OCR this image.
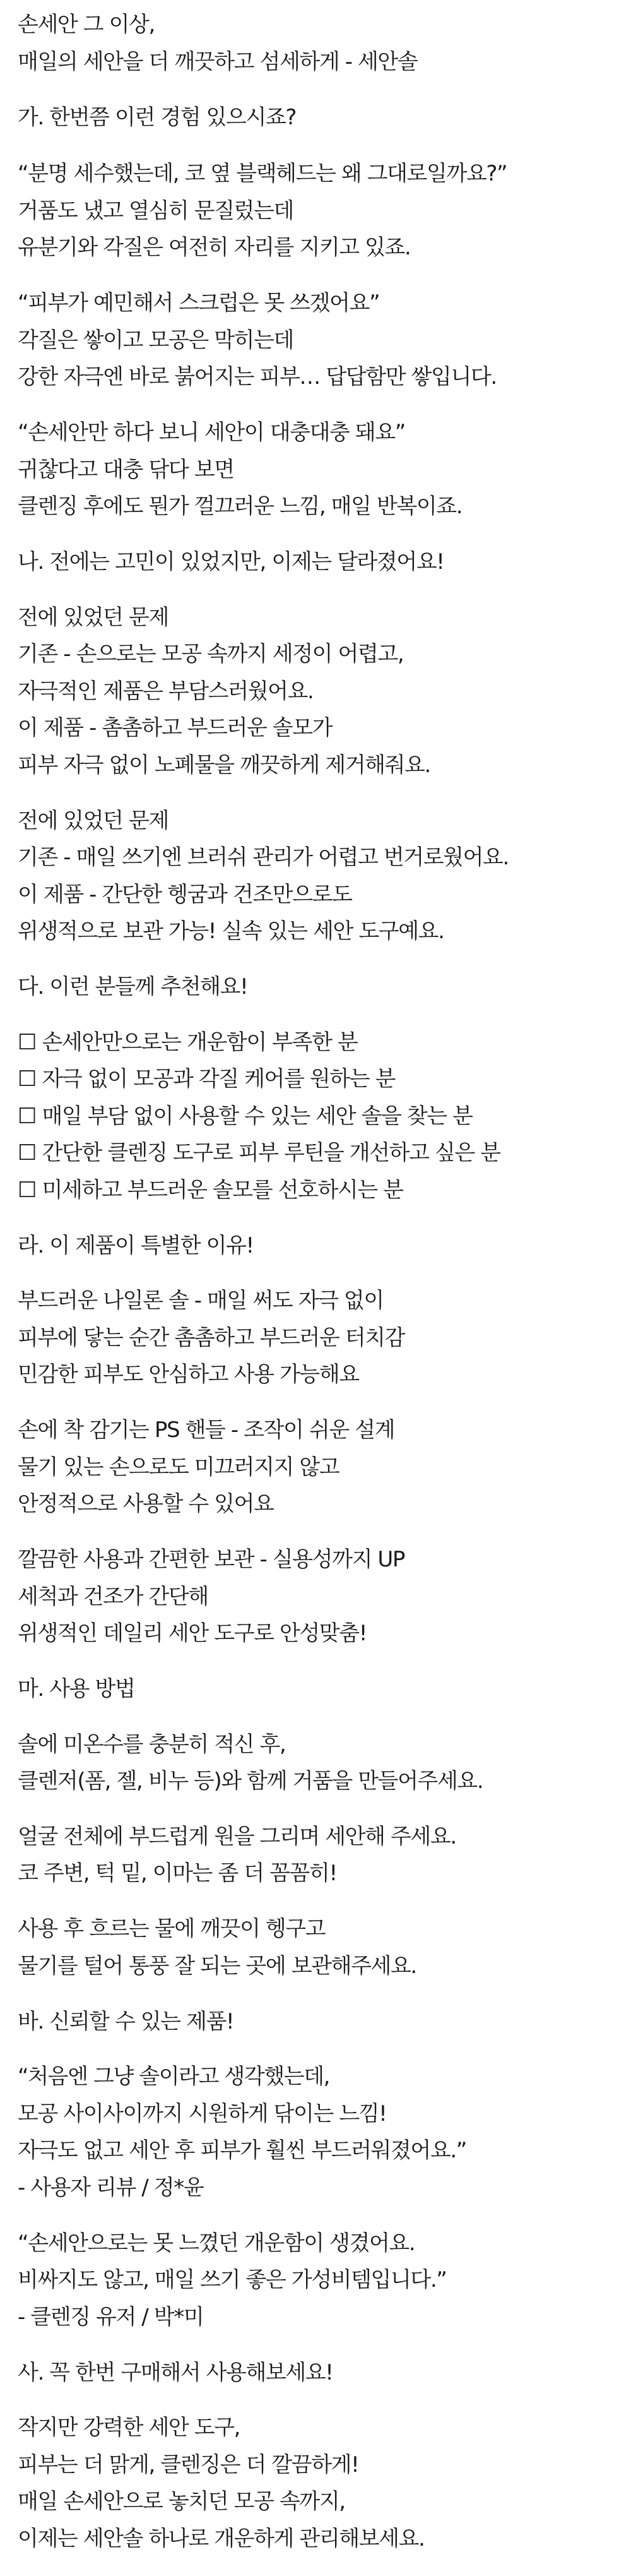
손세안 그 이상,

매일의 세안을 더 깨끗하고 섬세하게 - 세안솔

가. 한번쯤 이런 경험 있으시죠?

“분명 세수했는데, 코 옆 블랙헤드는 왜 그대로일까요?”

거품도 냈고 열심히 문질렀는데

유분기와 각질은 여전히 자리를 지키고 있죠.

“피부가 예민해서 스크럽은 못 쓰겠어요”

각질은 쌓이고 모공은 막히는데

강한 자극엔 바로 붉어지는 피부… 답답함만 쌓입니다.

“손세안만 하다 보니 세안이 대충대충 돼요”

귀찮다고 대충 닦다 보면

클렌징 후에도 뭔가 껄끄러운 느낌, 매일 반복이죠.

나. 전에는 고민이 있었지만, 이제는 달라졌어요!

전에 있었던 문제

기존 - 손으로는 모공 속까지 세정이 어렵고,

자극적인 제품은 부담스러웠어요.

이 제품 - 촘촘하고 부드러운 솔모가

피부 자극 없이 노폐물을 깨끗하게 제거해줘요.

전에 있었던 문제

기존 - 매일 쓰기엔 브러쉬 관리가 어렵고 번거로웠어요.

이 제품 - 간단한 헹굼과 건조만으로도

위생적으로 보관 가능! 실속 있는 세안 도구예요.

다. 이런 분들께 추천해요!

☐ 손세안만으로는 개운함이 부족한 분

☐ 자극 없이 모공과 각질 케어를 원하는 분

☐ 매일 부담 없이 사용할 수 있는 세안 솔을 찾는 분

☐ 간단한 클렌징 도구로 피부 루틴을 개선하고 싶은 분

☐ 미세하고 부드러운 솔모를 선호하시는 분

라. 이 제품이 특별한 이유!

부드러운 나일론 솔 - 매일 써도 자극 없이

피부에 닿는 순간 촘촘하고 부드러운 터치감

민감한 피부도 안심하고 사용 가능해요

손에 착 감기는 PS 핸들 - 조작이 쉬운 설계

물기 있는 손으로도 미끄러지지 않고

안정적으로 사용할 수 있어요

깔끔한 사용과 간편한 보관 - 실용성까지 UP

세척과 건조가 간단해

위생적인 데일리 세안 도구로 안성맞춤!

마. 사용 방법

솔에 미온수를 충분히 적신 후,

클렌저(폼, 젤, 비누 등)와 함께 거품을 만들어주세요.

얼굴 전체에 부드럽게 원을 그리며 세안해 주세요.

코 주변, 턱 밑, 이마는 좀 더 꼼꼼히!

사용 후 흐르는 물에 깨끗이 헹구고

물기를 털어 통풍 잘 되는 곳에 보관해주세요.

바. 신뢰할 수 있는 제품!

“처음엔 그냥 솔이라고 생각했는데,

모공 사이사이까지 시원하게 닦이는 느낌!

자극도 없고 세안 후 피부가 훨씬 부드러워졌어요.”

- 사용자 리뷰 / 정*윤

“손세안으로는 못 느꼈던 개운함이 생겼어요.

비싸지도 않고, 매일 쓰기 좋은 가성비템입니다.”

- 클렌징 유저 / 박*미

사. 꼭 한번 구매해서 사용해보세요!

작지만 강력한 세안 도구,

피부는 더 맑게, 클렌징은 더 깔끔하게!

매일 손세안으로 놓치던 모공 속까지,

이제는 세안솔 하나로 개운하게 관리해보세요.
